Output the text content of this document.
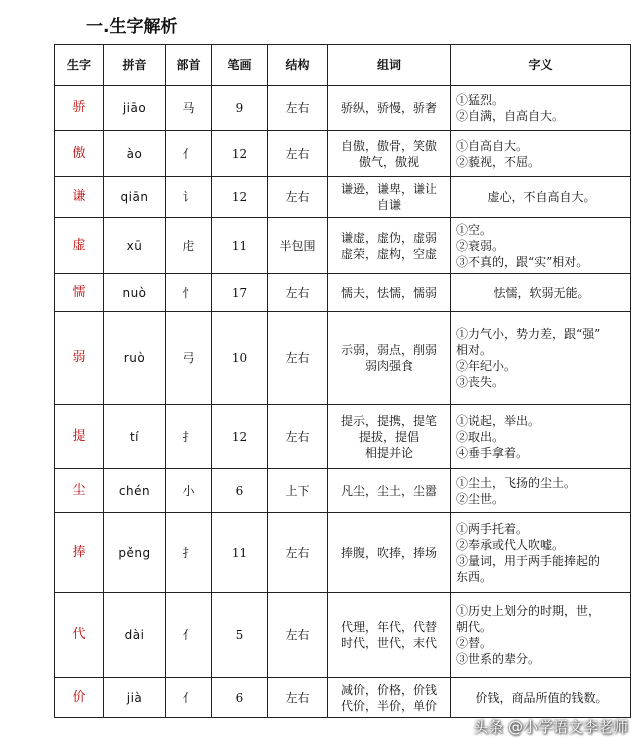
一.生字解析
生字	拼音	部首	笔画	结构	组词	字义
骄	jiāo	马	9	左右	骄纵，骄慢，骄奢	①猛烈。
②自满，自高自大。

傲	ào	亻	12	左右	自傲，傲骨，笑傲
傲气，傲视	①自高自大。
②藐视，不屈。

谦	qiān	讠	12	左右	谦逊，谦卑，谦让
自谦	虚心，不自高自大。

虚	xū	虍	11	半包围	谦虚，虚伪，虚弱
虚荣，虚构，空虚	①空。
②衰弱。
③不真的，跟“实”相对。

懦	nuò	忄	17	左右	懦夫，怯懦，懦弱	怯懦，软弱无能。

弱	ruò	弓	10	左右	示弱，弱点，削弱
弱肉强食	①力气小，势力差，跟“强”
相对。
②年纪小。
③丧失。

提	tí	扌	12	左右	提示，提携，提笔
提拔，提倡
相提并论	①说起，举出。
②取出。
④垂手拿着。

尘	chén	小	6	上下	凡尘，尘土，尘嚣	①尘土，飞扬的尘土。
②尘世。

捧	pěng	扌	11	左右	捧腹，吹捧，捧场	①两手托着。
②奉承或代人吹嘘。
③量词，用于两手能捧起的
东西。

代	dài	亻	5	左右	代理，年代，代替
时代，世代，末代	①历史上划分的时期，世，
朝代。
②替。
③世系的辈分。

价	jià	亻	6	左右	减价，价格，价钱
代价，半价，单价	价钱，商品所值的钱数。
头条 @小学语文李老师
